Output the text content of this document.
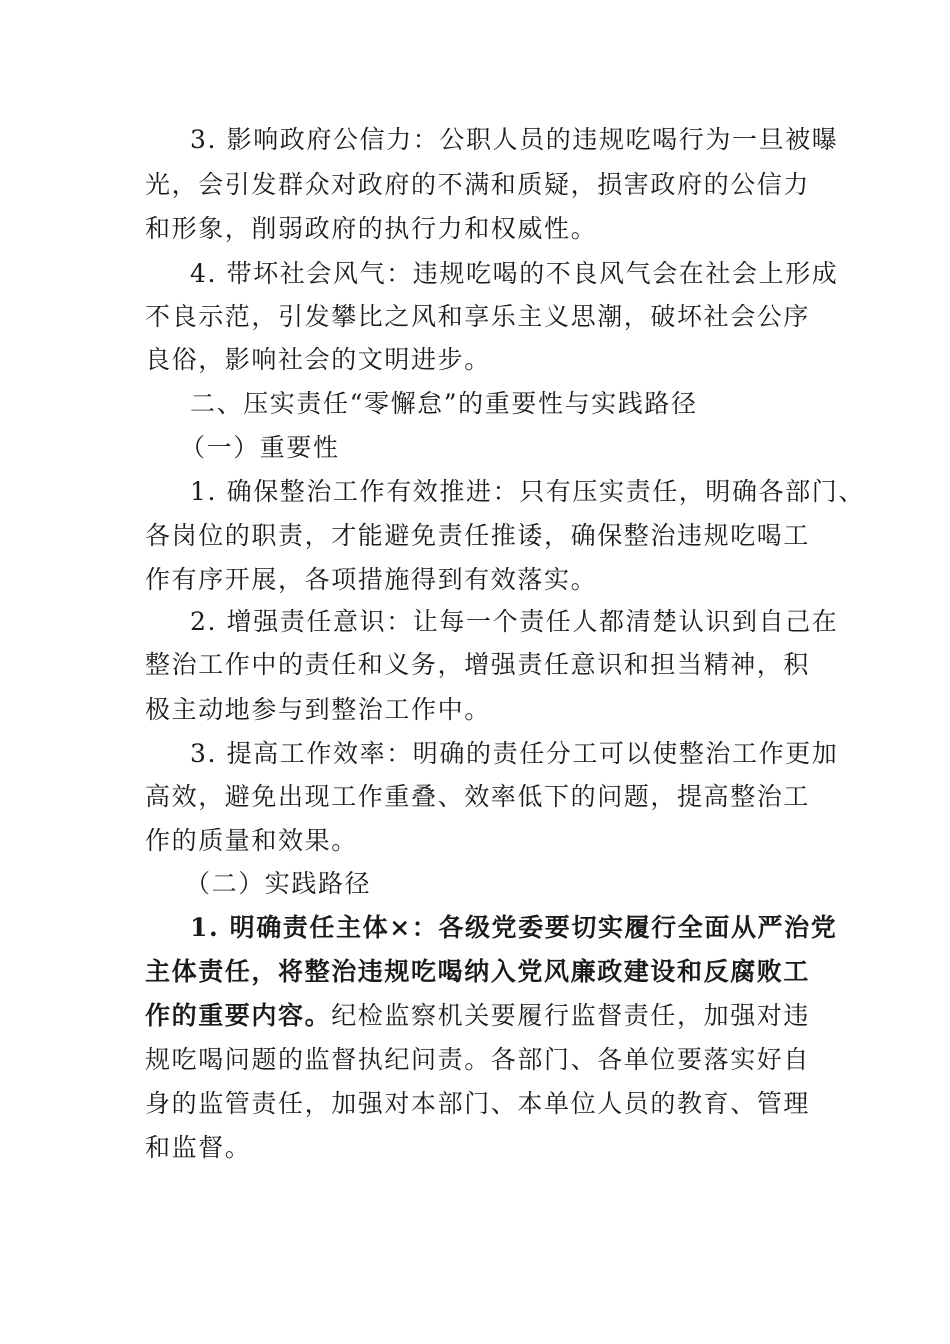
3. 影响政府公信力：公职人员的违规吃喝行为一旦被曝
光，会引发群众对政府的不满和质疑，损害政府的公信力
和形象，削弱政府的执行力和权威性。
4. 带坏社会风气：违规吃喝的不良风气会在社会上形成
不良示范，引发攀比之风和享乐主义思潮，破坏社会公序
良俗，影响社会的文明进步。
二、压实责任“零懈怠”的重要性与实践路径
（一）重要性
1. 确保整治工作有效推进：只有压实责任，明确各部门、
各岗位的职责，才能避免责任推诿，确保整治违规吃喝工
作有序开展，各项措施得到有效落实。
2. 增强责任意识：让每一个责任人都清楚认识到自己在
整治工作中的责任和义务，增强责任意识和担当精神，积
极主动地参与到整治工作中。
3. 提高工作效率：明确的责任分工可以使整治工作更加
高效，避免出现工作重叠、效率低下的问题，提高整治工
作的质量和效果。
（二）实践路径
1. 明确责任主体×：各级党委要切实履行全面从严治党
主体责任，将整治违规吃喝纳入党风廉政建设和反腐败工
作的重要内容。纪检监察机关要履行监督责任，加强对违
规吃喝问题的监督执纪问责。各部门、各单位要落实好自
身的监管责任，加强对本部门、本单位人员的教育、管理
和监督。
